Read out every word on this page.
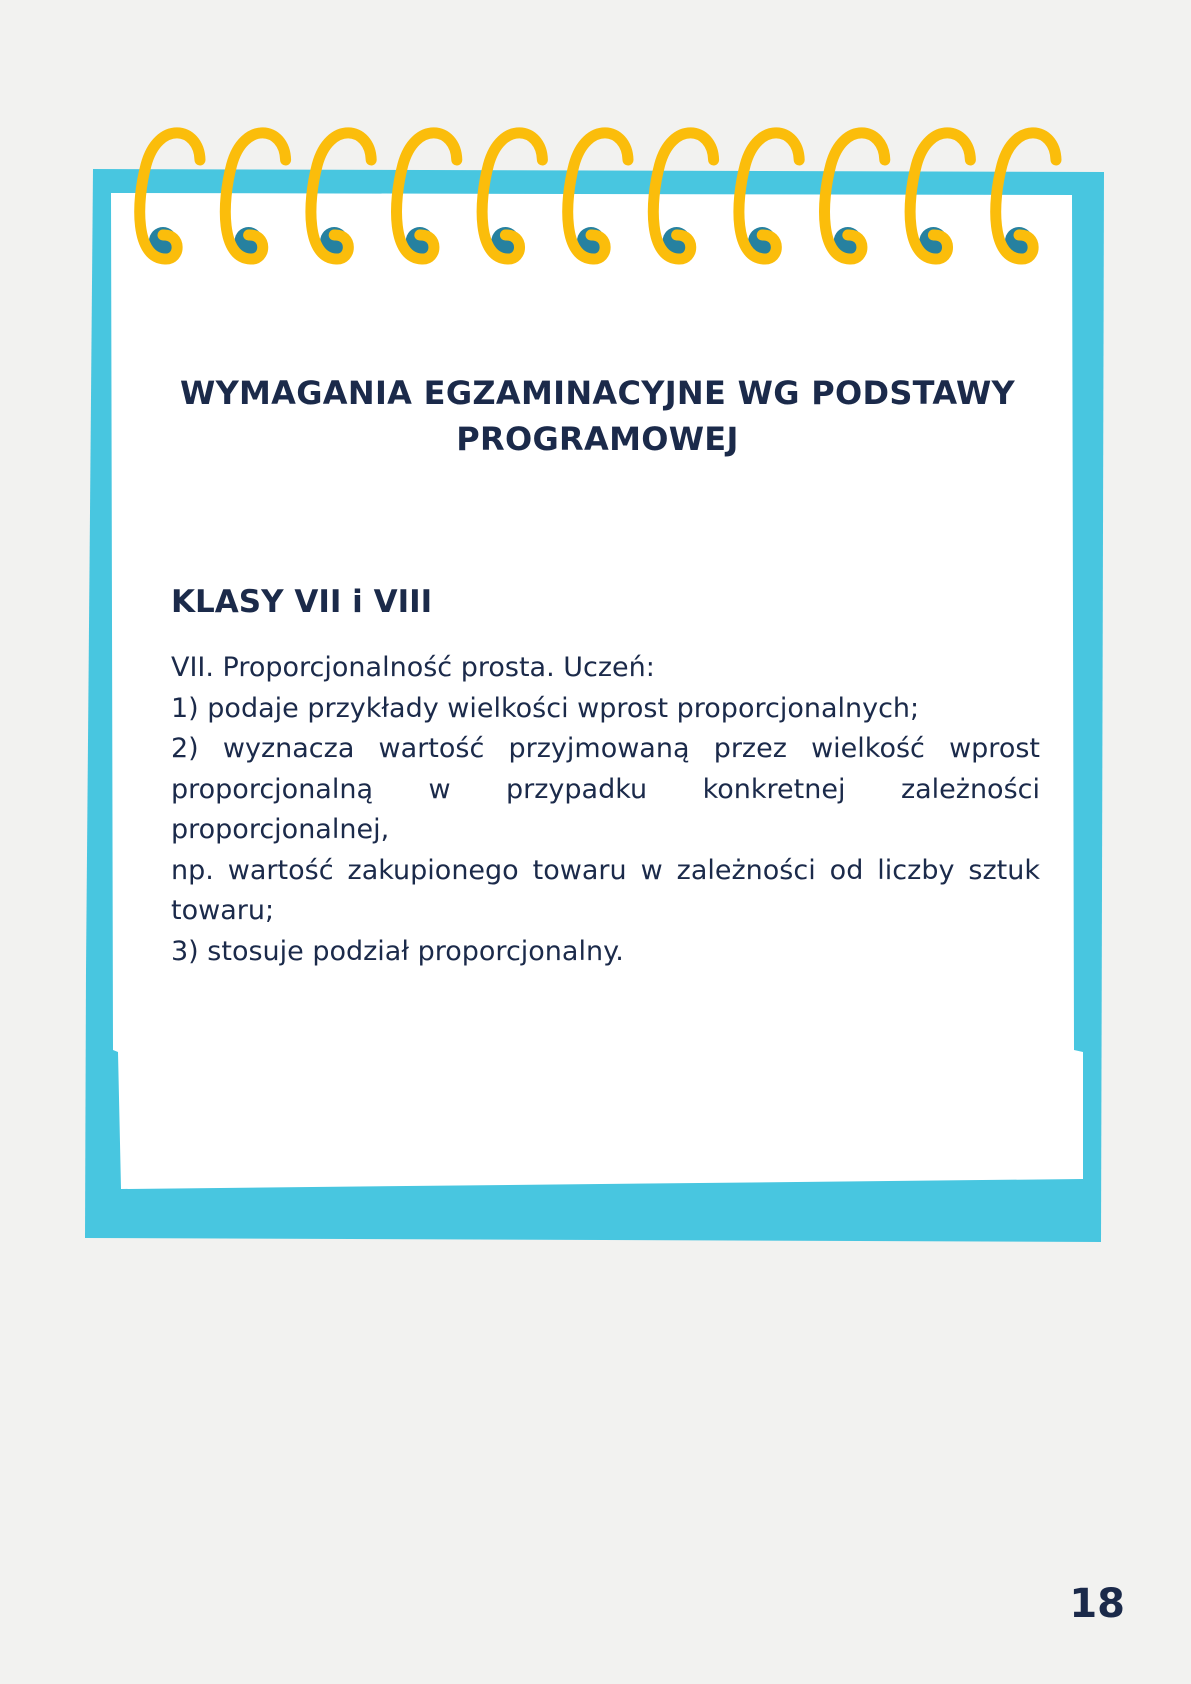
WYMAGANIA EGZAMINACYJNE WG PODSTAWY PROGRAMOWEJ
KLASY VII i VIII

VII. Proporcjonalność prosta. Uczeń:

1) podaje przykłady wielkości wprost proporcjonalnych;

2) wyznacza wartość przyjmowaną przez wielkość wprost proporcjonalną w przypadku konkretnej zależności proporcjonalnej,

np. wartość zakupionego towaru w zależności od liczby sztuk towaru;

3) stosuje podział proporcjonalny.

18
